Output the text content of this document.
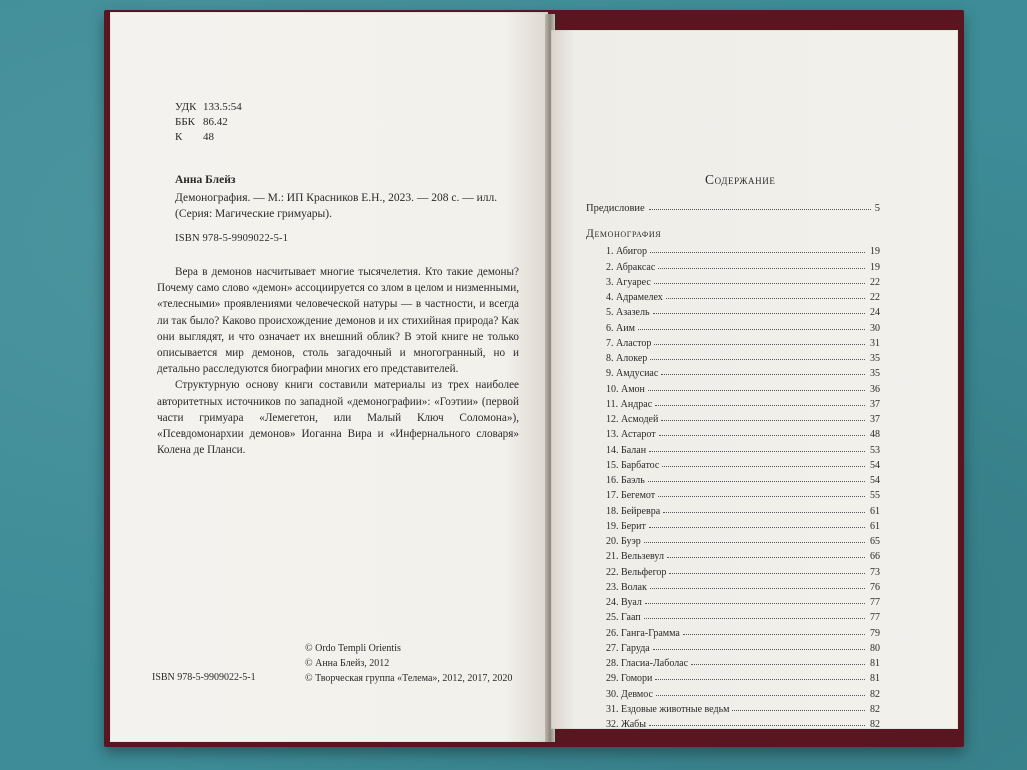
УДК 133.5:54
ББК 86.42
К	48
Анна Блейз
Демонография. — М.: ИП Красников Е.Н., 2023. — 208 с. — илл. (Серия: Магические гримуары).
ISBN 978-5-9909022-5-1

Вера в демонов насчитывает многие тысячелетия. Кто такие демоны? Почему само слово «демон» ассоциируется со злом в целом и низменными, «телесными» проявлениями человеческой натуры — в частности, и всегда ли так было? Каково происхождение демонов и их стихийная природа? Как они выглядят, и что означает их внешний облик? В этой книге не только описывается мир демонов, столь загадочный и многогранный, но и детально расследуются биографии многих его представителей.

Структурную основу книги составили материалы из трех наиболее авторитетных источников по западной «демонографии»: «Гоэтии» (первой части гримуара «Лемегетон, или Малый Ключ Соломона»), «Псевдомонархии демонов» Иоганна Вира и «Инфернального словаря» Колена де Планси.

© Ordo Templi Orientis
© Анна Блейз, 2012
© Творческая группа «Телема», 2012, 2017, 2020
ISBN 978-5-9909022-5-1
Содержание
Предисловие	5
Демонография
1. Абигор	19
2. Абраксас	19
3. Агуарес	22
4. Адрамелех	22
5. Азазель	24
6. Аим	30
7. Аластор	31
8. Алокер	35
9. Амдусиас	35
10. Амон	36
11. Андрас	37
12. Асмодей	37
13. Астарот	48
14. Балан	53
15. Барбатос	54
16. Баэль	54
17. Бегемот	55
18. Бейревра	61
19. Берит	61
20. Буэр	65
21. Вельзевул	66
22. Вельфегор	73
23. Волак	76
24. Вуал	77
25. Гаап	77
26. Ганга-Грамма	79
27. Гаруда	80
28. Гласиа-Лаболас	81
29. Гомори	81
30. Девмос	82
31. Ездовые животные ведьм	82
32. Жабы	82
